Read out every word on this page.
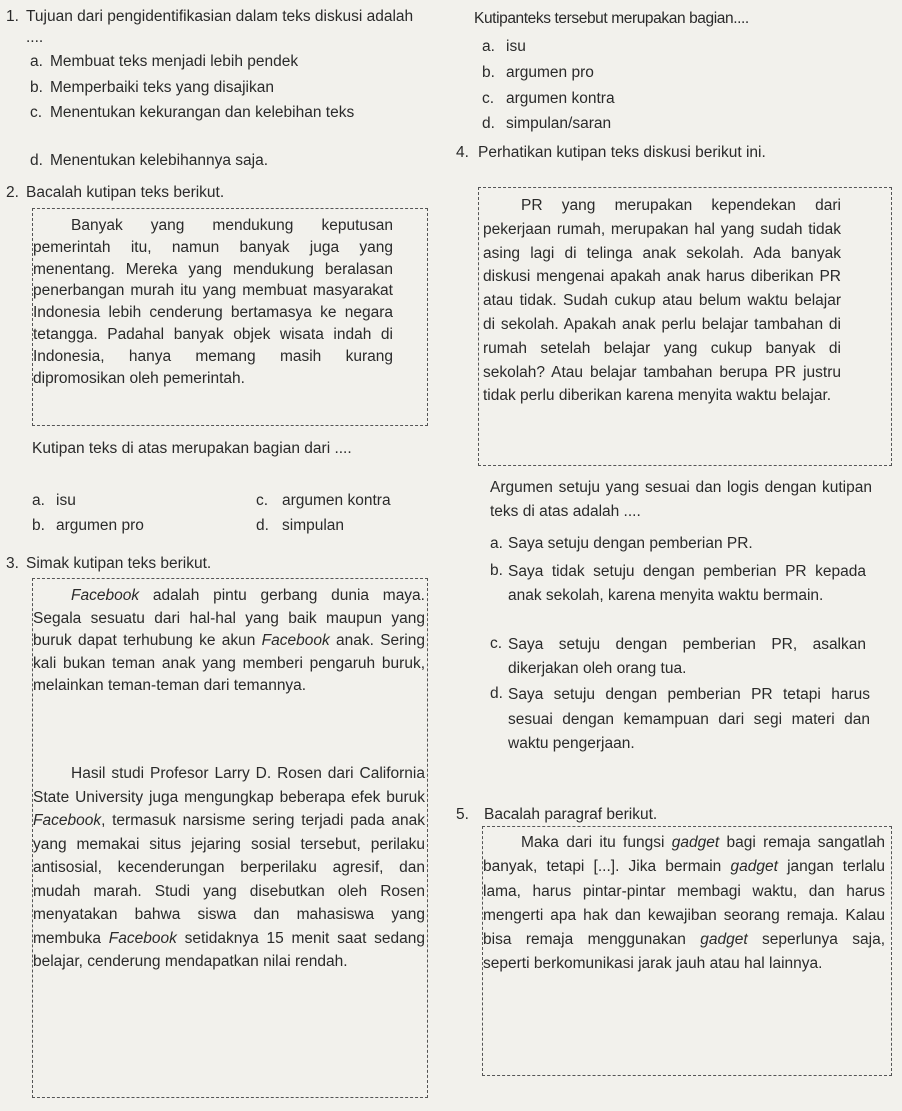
1. Tujuan dari pengidentifikasian dalam teks diskusi adalah ....
a. Membuat teks menjadi lebih pendek
b. Memperbaiki teks yang disajikan
c. Menentukan kekurangan dan kelebihan teks
d. Menentukan kelebihannya saja.
2. Bacalah kutipan teks berikut.

Banyak yang mendukung keputusan pemerintah itu, namun banyak juga yang menentang. Mereka yang mendukung beralasan penerbangan murah itu yang membuat masyarakat Indonesia lebih cenderung bertamasya ke negara tetangga. Padahal banyak objek wisata indah di Indonesia, hanya memang masih kurang dipromosikan oleh pemerintah.

Kutipan teks di atas merupakan bagian dari ....
a. isu	c. argumen kontra
b. argumen pro	d. simpulan
3. Simak kutipan teks berikut.

Facebook adalah pintu gerbang dunia maya. Segala sesuatu dari hal-hal yang baik maupun yang buruk dapat terhubung ke akun Facebook anak. Sering kali bukan teman anak yang memberi pengaruh buruk, melainkan teman-teman dari temannya.

Hasil studi Profesor Larry D. Rosen dari California State University juga mengungkap beberapa efek buruk Facebook, termasuk narsisme sering terjadi pada anak yang memakai situs jejaring sosial tersebut, perilaku antisosial, kecenderungan berperilaku agresif, dan mudah marah. Studi yang disebutkan oleh Rosen menyatakan bahwa siswa dan mahasiswa yang membuka Facebook setidaknya 15 menit saat sedang belajar, cenderung mendapatkan nilai rendah.

Kutipanteks tersebut merupakan bagian....
a. isu
b. argumen pro
c. argumen kontra
d. simpulan/saran
4. Perhatikan kutipan teks diskusi berikut ini.

PR yang merupakan kependekan dari pekerjaan rumah, merupakan hal yang sudah tidak asing lagi di telinga anak sekolah. Ada banyak diskusi mengenai apakah anak harus diberikan PR atau tidak. Sudah cukup atau belum waktu belajar di sekolah. Apakah anak perlu belajar tambahan di rumah setelah belajar yang cukup banyak di sekolah? Atau belajar tambahan berupa PR justru tidak perlu diberikan karena menyita waktu belajar.

Argumen setuju yang sesuai dan logis dengan kutipan teks di atas adalah ....
a. Saya setuju dengan pemberian PR.
b. Saya tidak setuju dengan pemberian PR kepada anak sekolah, karena menyita waktu bermain.
c. Saya setuju dengan pemberian PR, asalkan dikerjakan oleh orang tua.
d. Saya setuju dengan pemberian PR tetapi harus sesuai dengan kemampuan dari segi materi dan waktu pengerjaan.
5. Bacalah paragraf berikut.

Maka dari itu fungsi gadget bagi remaja sangatlah banyak, tetapi [...]. Jika bermain gadget jangan terlalu lama, harus pintar-pintar membagi waktu, dan harus mengerti apa hak dan kewajiban seorang remaja. Kalau bisa remaja menggunakan gadget seperlunya saja, seperti berkomunikasi jarak jauh atau hal lainnya.
